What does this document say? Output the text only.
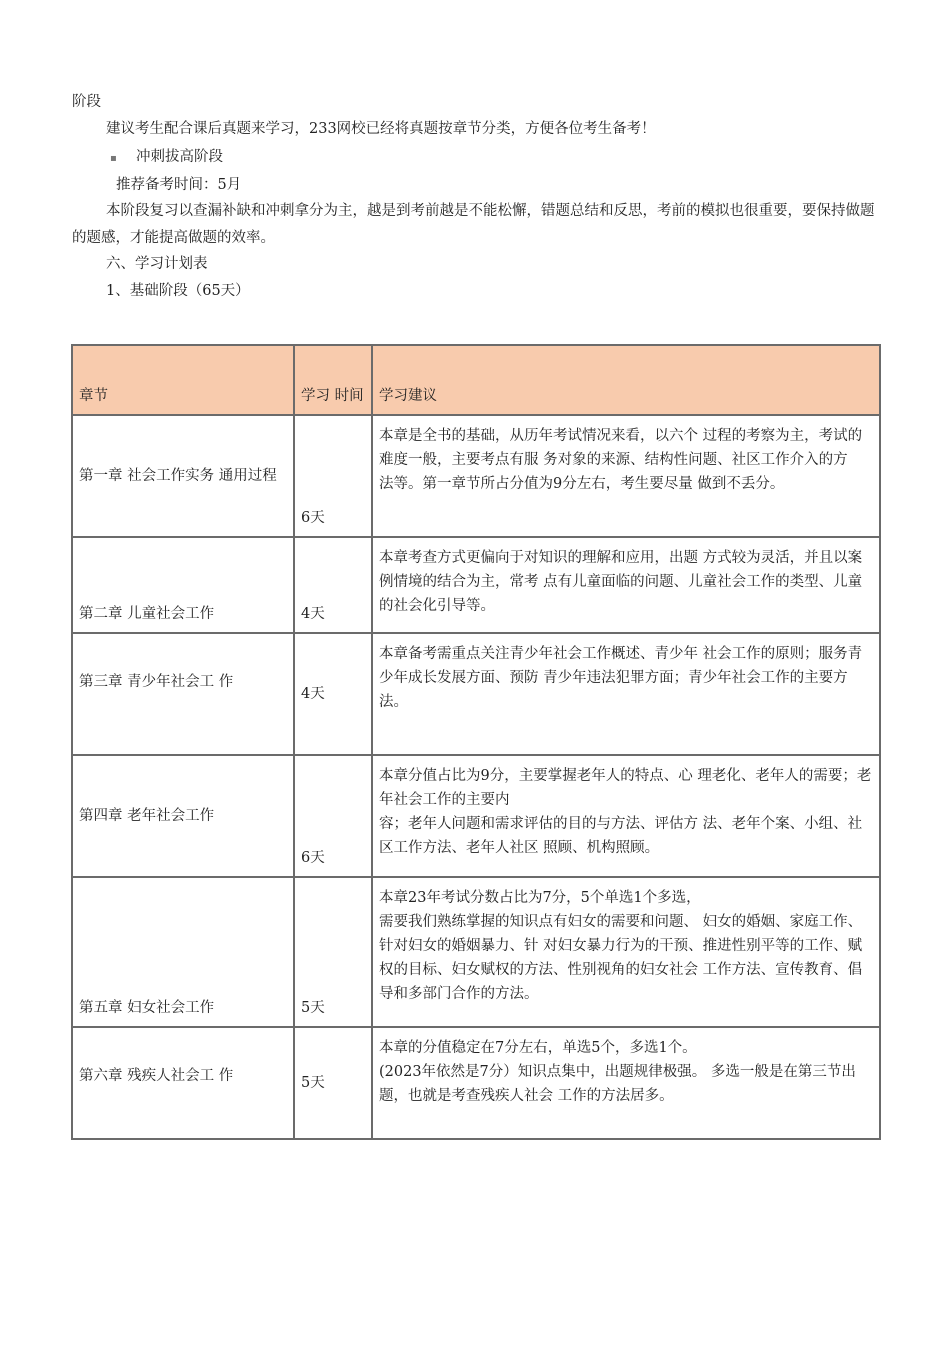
阶段
建议考生配合课后真题来学习，233网校已经将真题按章节分类，方便各位考生备考！
▪ 冲刺拔高阶段
推荐备考时间：5月
本阶段复习以查漏补缺和冲刺拿分为主，越是到考前越是不能松懈，错题总结和反思，考前的模拟也很重要，要保持做题的题感，才能提高做题的效率。
六、学习计划表
1、基础阶段（65天）
章节	学习 时间	学习建议
第一章 社会工作实务 通用过程	6天	本章是全书的基础，从历年考试情况来看，以六个 过程的考察为主，考试的难度一般，主要考点有服 务对象的来源、结构性问题、社区工作介入的方
法等。第一章节所占分值为9分左右，考生要尽量 做到不丢分。

第二章 儿童社会工作	4天	本章考查方式更偏向于对知识的理解和应用，出题 方式较为灵活，并且以案例情境的结合为主，常考 点有儿童面临的问题、儿童社会工作的类型、儿童 的社会化引导等。

第三章 青少年社会工 作	4天	本章备考需重点关注青少年社会工作概述、青少年 社会工作的原则；服务青少年成长发展方面、预防 青少年违法犯罪方面；青少年社会工作的主要方
法。

第四章 老年社会工作	6天	本章分值占比为9分，主要掌握老年人的特点、心 理老化、老年人的需要；老年社会工作的主要内
容；老年人问题和需求评估的目的与方法、评估方 法、老年个案、小组、社区工作方法、老年人社区 照顾、机构照顾。

第五章 妇女社会工作	5天	本章23年考试分数占比为7分，5个单选1个多选，
需要我们熟练掌握的知识点有妇女的需要和问题、 妇女的婚姻、家庭工作、针对妇女的婚姻暴力、针 对妇女暴力行为的干预、推进性别平等的工作、赋 权的目标、妇女赋权的方法、性别视角的妇女社会 工作方法、宣传教育、倡导和多部门合作的方法。

第六章 残疾人社会工 作	5天	本章的分值稳定在7分左右，单选5个，多选1个。
(2023年依然是7分）知识点集中，出题规律极强。 多选一般是在第三节出题，也就是考查残疾人社会 工作的方法居多。
